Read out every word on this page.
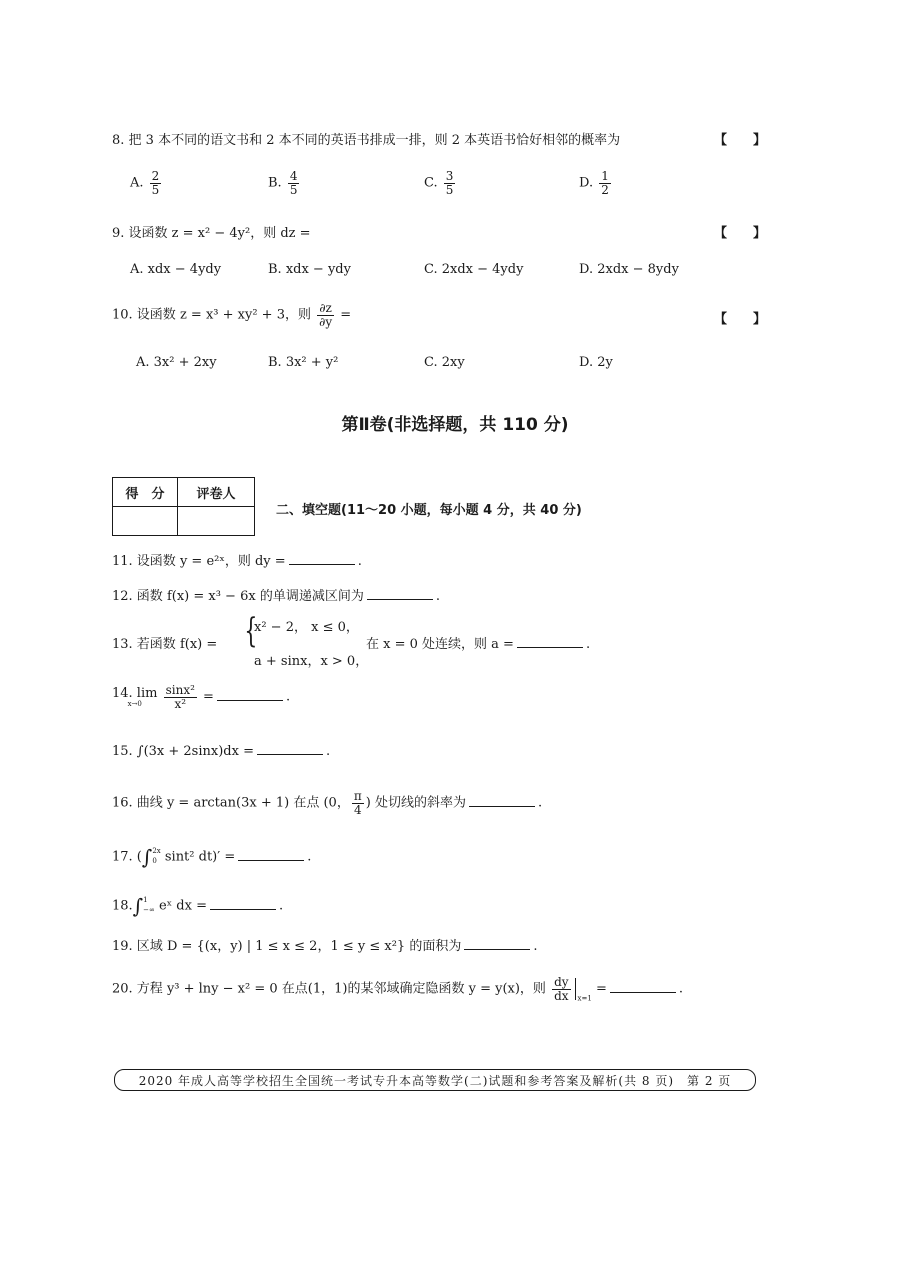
8. 把 3 本不同的语文书和 2 本不同的英语书排成一排，则 2 本英语书恰好相邻的概率为	【 】
A. $\frac{2}{5}$	B. $\frac{4}{5}$	C. $\frac{3}{5}$	D. $\frac{1}{2}$
9. 设函数 z = x² − 4y²，则 dz =	【 】
A. xdx − 4ydy	B. xdx − ydy	C. 2xdx − 4ydy	D. 2xdx − 8ydy
10. 设函数 z = x³ + xy² + 3，则 $\frac{\partial z}{\partial y}$ =	【 】
A. 3x² + 2xy	B. 3x² + y²	C. 2xy	D. 2y
第Ⅱ卷(非选择题，共 110 分)
得　分	评卷人

二、填空题(11～20 小题，每小题 4 分，共 40 分)
11. 设函数 y = e²ˣ，则 dy =	.
12. 函数 f(x) = x³ − 6x 的单调递减区间为	.
13. 若函数 f(x) = {
x² − 2， x ≤ 0，
a + sinx，x > 0，
在 x = 0 处连续，则 a =	.
14. lim
x→0
$\frac{\text{sinx²}}{\text{x²}}$ =	.
15. ∫(3x + 2sinx)dx =	.
16. 曲线 y = arctan(3x + 1) 在点 (0， $\frac{\pi}{4}$ ) 处切线的斜率为	.
17. (∫ 2x
0 sint² dt)′ =	.
18.∫ 1
−∞ eˣ dx =	.
19. 区域 D = {(x，y) | 1 ≤ x ≤ 2，1 ≤ y ≤ x²} 的面积为	.
20. 方程 y³ + lny − x² = 0 在点(1，1)的某邻域确定隐函数 y = y(x)，则 $\frac{dy}{dx} _{x=1}$ =	.
2020 年成人高等学校招生全国统一考试专升本高等数学(二)试题和参考答案及解析(共 8 页)　第 2 页
